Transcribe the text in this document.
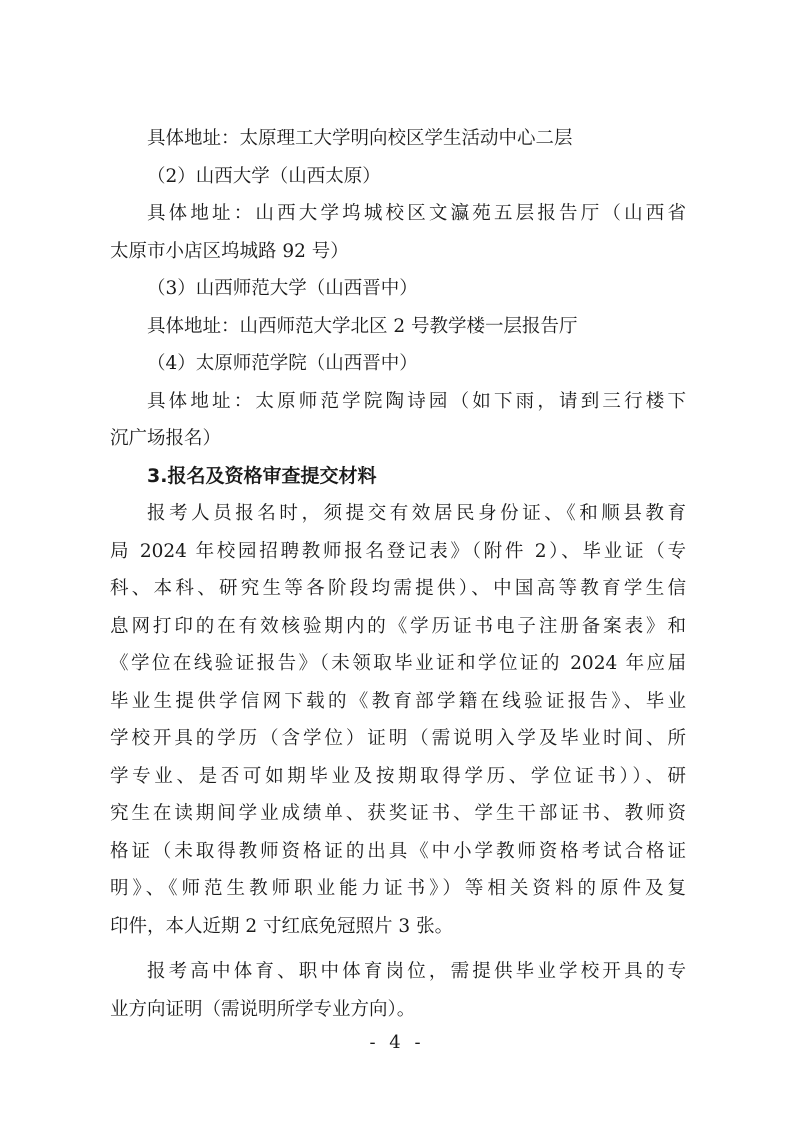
具体地址：太原理工大学明向校区学生活动中心二层
（2）山西大学（山西太原）
具体地址：山西大学坞城校区文瀛苑五层报告厅（山西省
太原市小店区坞城路 92 号）
（3）山西师范大学（山西晋中）
具体地址：山西师范大学北区 2 号教学楼一层报告厅
（4）太原师范学院（山西晋中）
具体地址：太原师范学院陶诗园（如下雨，请到三行楼下
沉广场报名）
3.报名及资格审查提交材料
报考人员报名时，须提交有效居民身份证、《和顺县教育
局 2024 年校园招聘教师报名登记表》（附件 2）、毕业证（专
科、本科、研究生等各阶段均需提供）、中国高等教育学生信
息网打印的在有效核验期内的《学历证书电子注册备案表》和
《学位在线验证报告》（未领取毕业证和学位证的 2024 年应届
毕业生提供学信网下载的《教育部学籍在线验证报告》、毕业
学校开具的学历（含学位）证明（需说明入学及毕业时间、所
学专业、是否可如期毕业及按期取得学历、学位证书））、研
究生在读期间学业成绩单、获奖证书、学生干部证书、教师资
格证（未取得教师资格证的出具《中小学教师资格考试合格证
明》、《师范生教师职业能力证书》）等相关资料的原件及复
印件，本人近期 2 寸红底免冠照片 3 张。
报考高中体育、职中体育岗位，需提供毕业学校开具的专
业方向证明（需说明所学专业方向）。
- 4 -
